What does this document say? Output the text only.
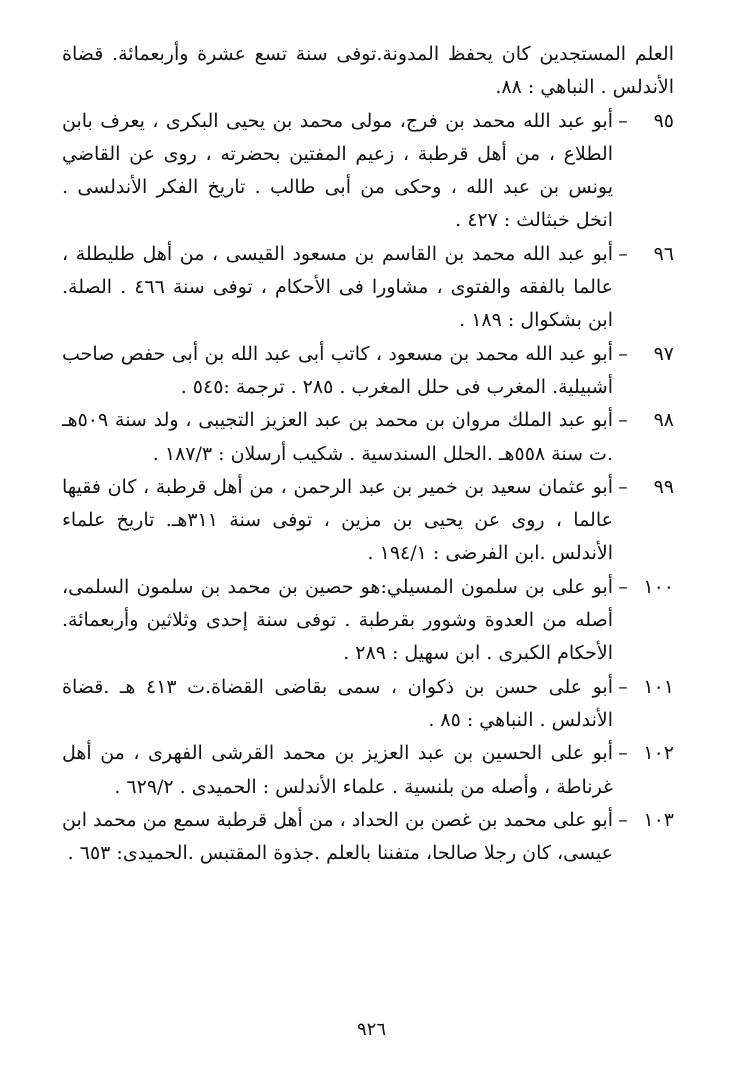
العلم المستجدين كان يحفظ المدونة.توفى سنة تسع عشرة وأربعمائة. قضاة الأندلس . النباهي : ٨٨.

٩٥
–
أبو عبد الله محمد بن فرج، مولى محمد بن يحيى البكرى ، يعرف بابن الطلاع ، من أهل قرطبة ، زعيم المفتين بحضرته ، روى عن القاضي يونس بن عبد الله ، وحكى من أبى طالب . تاريخ الفكر الأندلسى . انخل خبثالث : ٤٢٧ .
٩٦
–
أبو عبد الله محمد بن القاسم بن مسعود القيسى ، من أهل طليطلة ، عالما بالفقه والفتوى ، مشاورا فى الأحكام ، توفى سنة ٤٦٦ . الصلة. ابن بشكوال : ١٨٩ .
٩٧
–
أبو عبد الله محمد بن مسعود ، كاتب أبى عبد الله بن أبى حفص صاحب أشبيلية. المغرب فى حلل المغرب . ٢٨٥ . ترجمة :٥٤٥ .
٩٨
–
أبو عبد الملك مروان بن محمد بن عبد العزيز التجيبى ، ولد سنة ٥٠٩هـ .ت سنة ٥٥٨هـ .الحلل السندسية . شكيب أرسلان : ١٨٧/٣ .
٩٩
–
أبو عثمان سعيد بن خمير بن عبد الرحمن ، من أهل قرطبة ، كان فقيها عالما ، روى عن يحيى بن مزين ، توفى سنة ٣١١هـ. تاريخ علماء الأندلس .ابن الفرضى : ١٩٤/١ .
١٠٠
–
أبو على بن سلمون المسيلي:هو حصين بن محمد بن سلمون السلمى، أصله من العدوة وشوور بقرطبة . توفى سنة إحدى وثلاثين وأربعمائة. الأحكام الكبرى . ابن سهيل : ٢٨٩ .
١٠١
–
أبو على حسن بن ذكوان ، سمى بقاضى القضاة.ت ٤١٣ هـ .قضاة الأندلس . النباهي : ٨٥ .
١٠٢
–
أبو على الحسين بن عبد العزيز بن محمد القرشى الفهرى ، من أهل غرناطة ، وأصله من بلنسية . علماء الأندلس : الحميدى . ٦٢٩/٢ .
١٠٣
–
أبو على محمد بن غصن بن الحداد ، من أهل قرطبة سمع من محمد ابن عيسى، كان رجلا صالحا، متفننا بالعلم .جذوة المقتبس .الحميدى: ٦٥٣ .
٩٢٦
